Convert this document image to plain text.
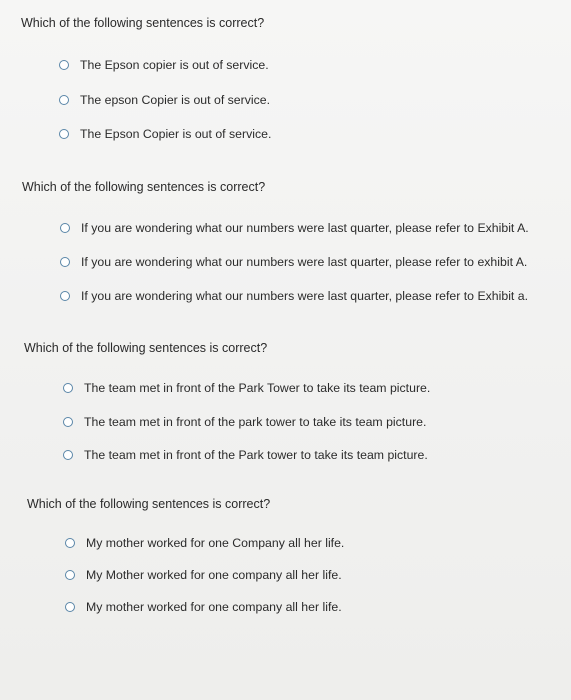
Which of the following sentences is correct?
The Epson copier is out of service.
The epson Copier is out of service.
The Epson Copier is out of service.
Which of the following sentences is correct?
If you are wondering what our numbers were last quarter, please refer to Exhibit A.
If you are wondering what our numbers were last quarter, please refer to exhibit A.
If you are wondering what our numbers were last quarter, please refer to Exhibit a.
Which of the following sentences is correct?
The team met in front of the Park Tower to take its team picture.
The team met in front of the park tower to take its team picture.
The team met in front of the Park tower to take its team picture.
Which of the following sentences is correct?
My mother worked for one Company all her life.
My Mother worked for one company all her life.
My mother worked for one company all her life.
